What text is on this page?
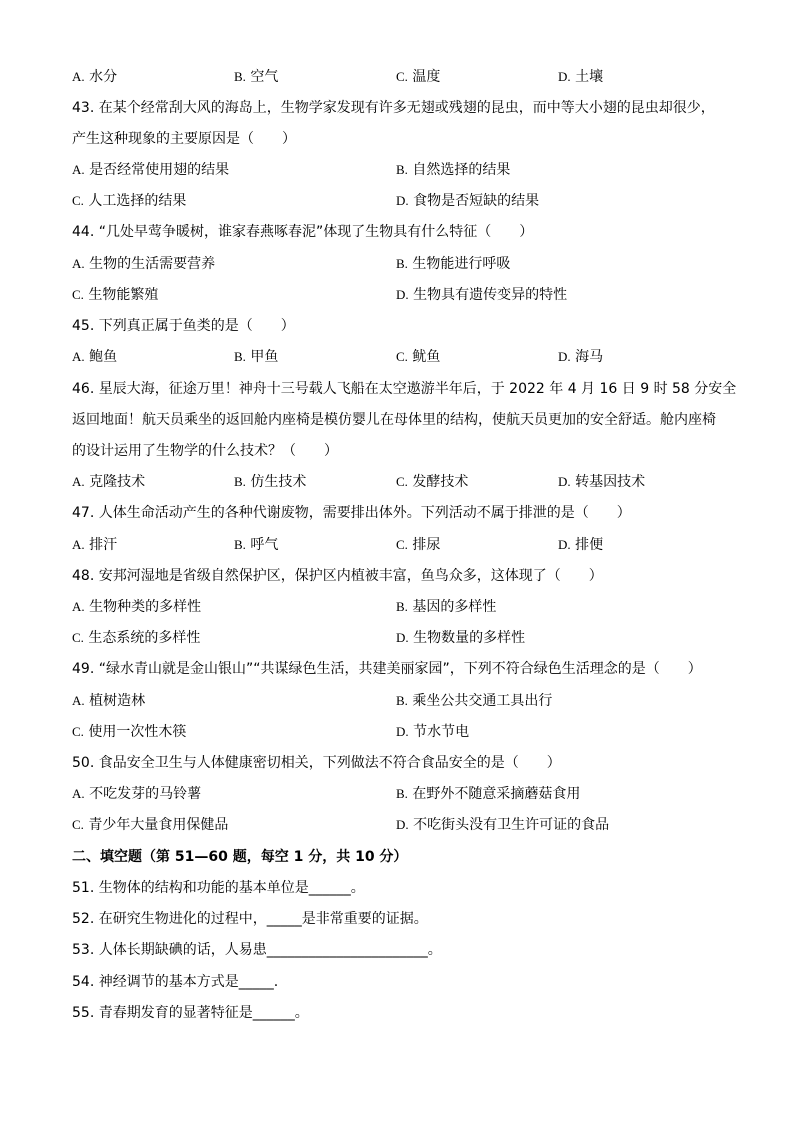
A. 水分	B. 空气	C. 温度	D. 土壤
43. 在某个经常刮大风的海岛上，生物学家发现有许多无翅或残翅的昆虫，而中等大小翅的昆虫却很少，
产生这种现象的主要原因是（　　）
A. 是否经常使用翅的结果	B. 自然选择的结果
C. 人工选择的结果	D. 食物是否短缺的结果
44. “几处早莺争暖树，谁家春燕啄春泥”体现了生物具有什么特征（　　）
A. 生物的生活需要营养	B. 生物能进行呼吸
C. 生物能繁殖	D. 生物具有遗传变异的特性
45. 下列真正属于鱼类的是（　　）
A. 鲍鱼	B. 甲鱼	C. 鱿鱼	D. 海马
46. 星辰大海，征途万里！神舟十三号载人飞船在太空遨游半年后，于 2022 年 4 月 16 日 9 时 58 分安全
返回地面！航天员乘坐的返回舱内座椅是模仿婴儿在母体里的结构，使航天员更加的安全舒适。舱内座椅
的设计运用了生物学的什么技术？（　　）
A. 克隆技术	B. 仿生技术	C. 发酵技术	D. 转基因技术
47. 人体生命活动产生的各种代谢废物，需要排出体外。下列活动不属于排泄的是（　　）
A. 排汗	B. 呼气	C. 排尿	D. 排便
48. 安邦河湿地是省级自然保护区，保护区内植被丰富，鱼鸟众多，这体现了（　　）
A. 生物种类的多样性	B. 基因的多样性
C. 生态系统的多样性	D. 生物数量的多样性
49. “绿水青山就是金山银山”“共谋绿色生活，共建美丽家园”，下列不符合绿色生活理念的是（　　）
A. 植树造林	B. 乘坐公共交通工具出行
C. 使用一次性木筷	D. 节水节电
50. 食品安全卫生与人体健康密切相关，下列做法不符合食品安全的是（　　）
A. 不吃发芽的马铃薯	B. 在野外不随意采摘蘑菇食用
C. 青少年大量食用保健品	D. 不吃街头没有卫生许可证的食品
二、填空题（第 51—60 题，每空 1 分，共 10 分）
51. 生物体的结构和功能的基本单位是______。
52. 在研究生物进化的过程中，_____是非常重要的证据。
53. 人体长期缺碘的话，人易患_______________________。
54. 神经调节的基本方式是_____.
55. 青春期发育的显著特征是______。
